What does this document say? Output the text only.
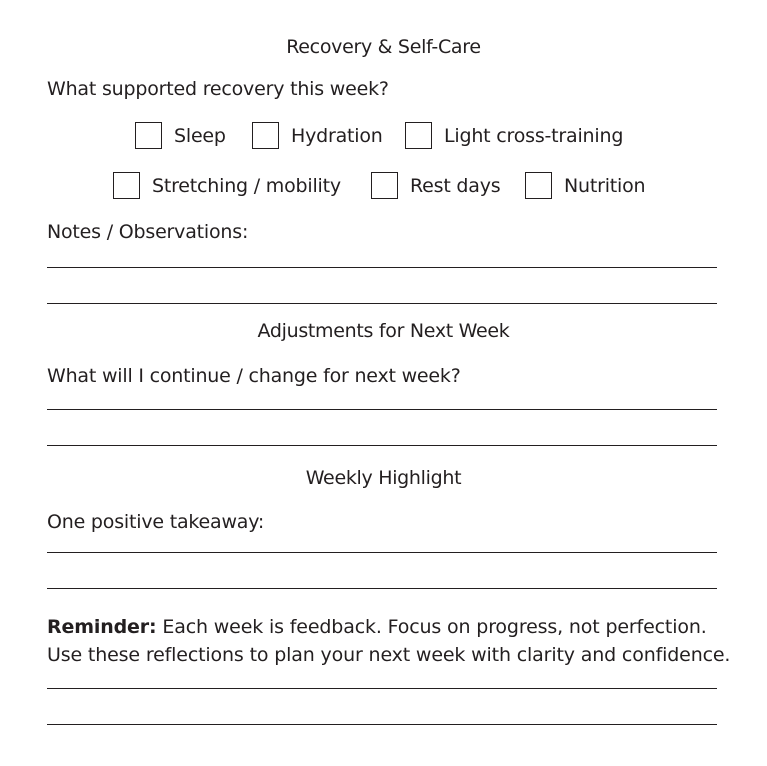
Recovery & Self-Care
What supported recovery this week?
Sleep	Hydration	Light cross-training
Stretching / mobility	Rest days	Nutrition
Notes / Observations:
Adjustments for Next Week
What will I continue / change for next week?
Weekly Highlight
One positive takeaway:
Reminder: Each week is feedback. Focus on progress, not perfection.
Use these reflections to plan your next week with clarity and confidence.
